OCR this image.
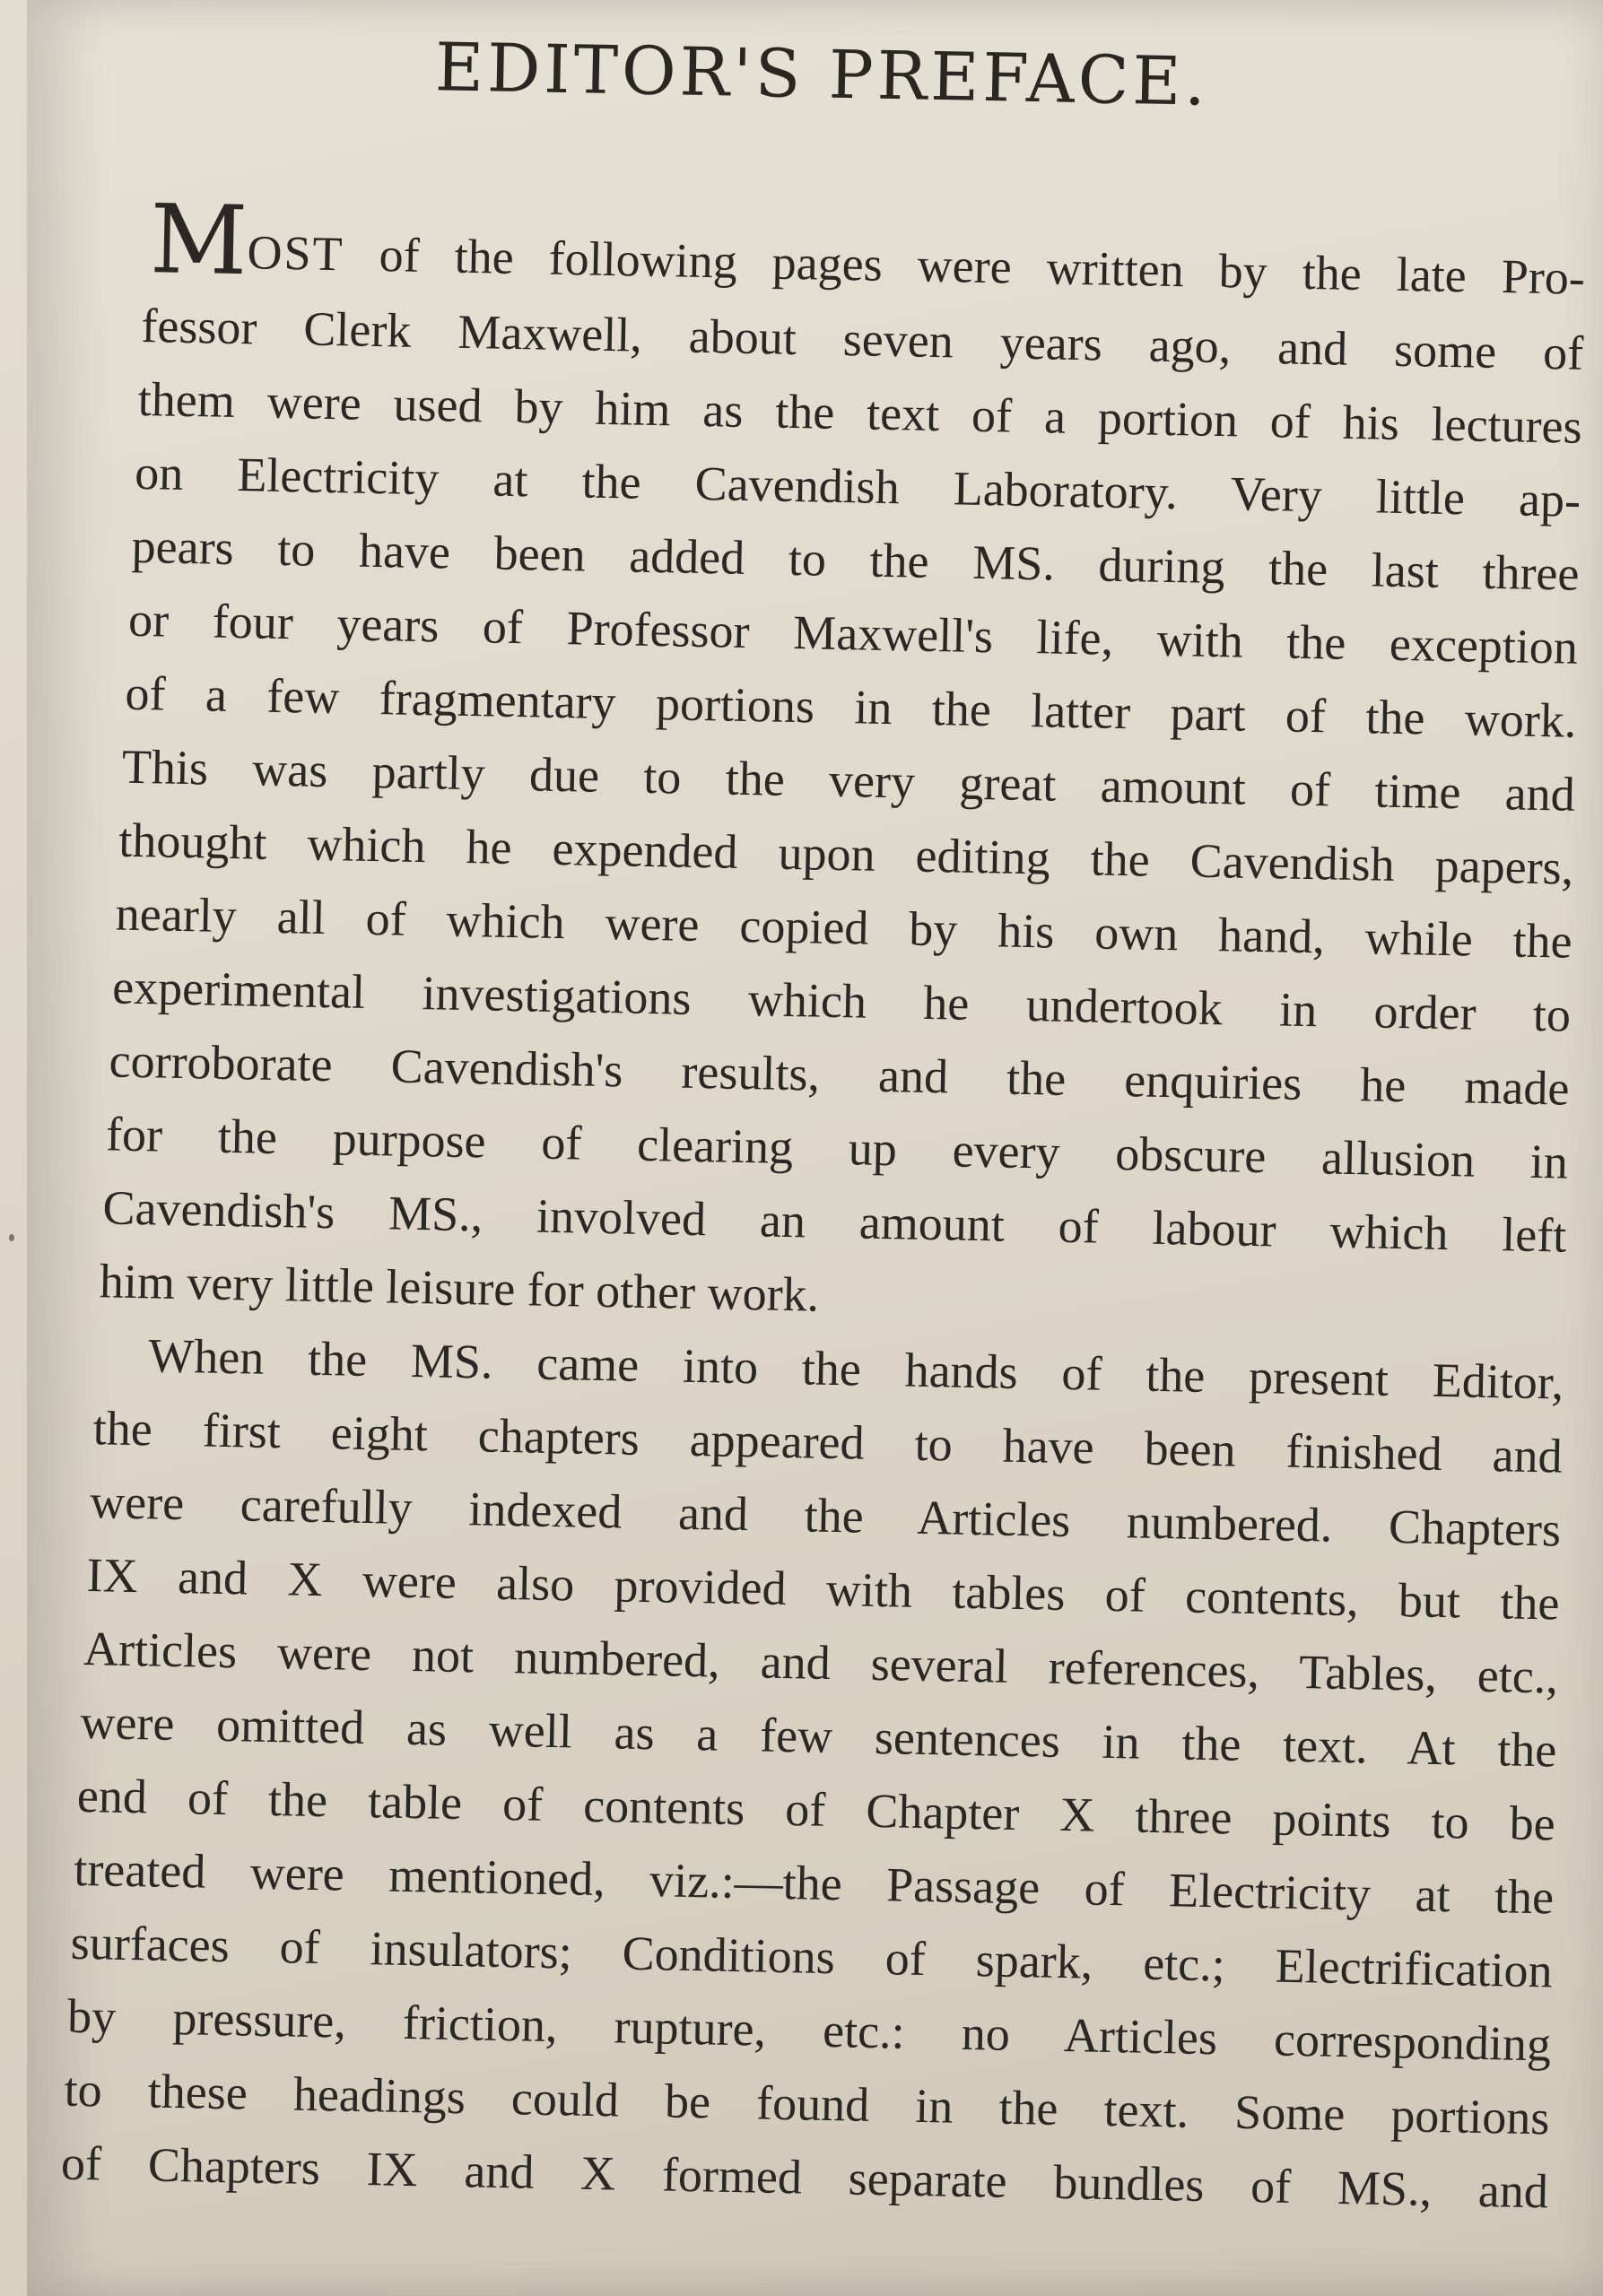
EDITOR'S PREFACE.
MOST of the following pages were written by the late Pro-
fessor Clerk Maxwell, about seven years ago, and some of
them were used by him as the text of a portion of his lectures
on Electricity at the Cavendish Laboratory. Very little ap-
pears to have been added to the MS. during the last three
or four years of Professor Maxwell's life, with the exception
of a few fragmentary portions in the latter part of the work.
This was partly due to the very great amount of time and
thought which he expended upon editing the Cavendish papers,
nearly all of which were copied by his own hand, while the
experimental investigations which he undertook in order to
corroborate Cavendish's results, and the enquiries he made
for the purpose of clearing up every obscure allusion in
Cavendish's MS., involved an amount of labour which left
him very little leisure for other work.
When the MS. came into the hands of the present Editor,
the first eight chapters appeared to have been finished and
were carefully indexed and the Articles numbered. Chapters
IX and X were also provided with tables of contents, but the
Articles were not numbered, and several references, Tables, etc.,
were omitted as well as a few sentences in the text. At the
end of the table of contents of Chapter X three points to be
treated were mentioned, viz.:—the Passage of Electricity at the
surfaces of insulators; Conditions of spark, etc.; Electrification
by pressure, friction, rupture, etc.: no Articles corresponding
to these headings could be found in the text. Some portions
of Chapters IX and X formed separate bundles of MS., and
